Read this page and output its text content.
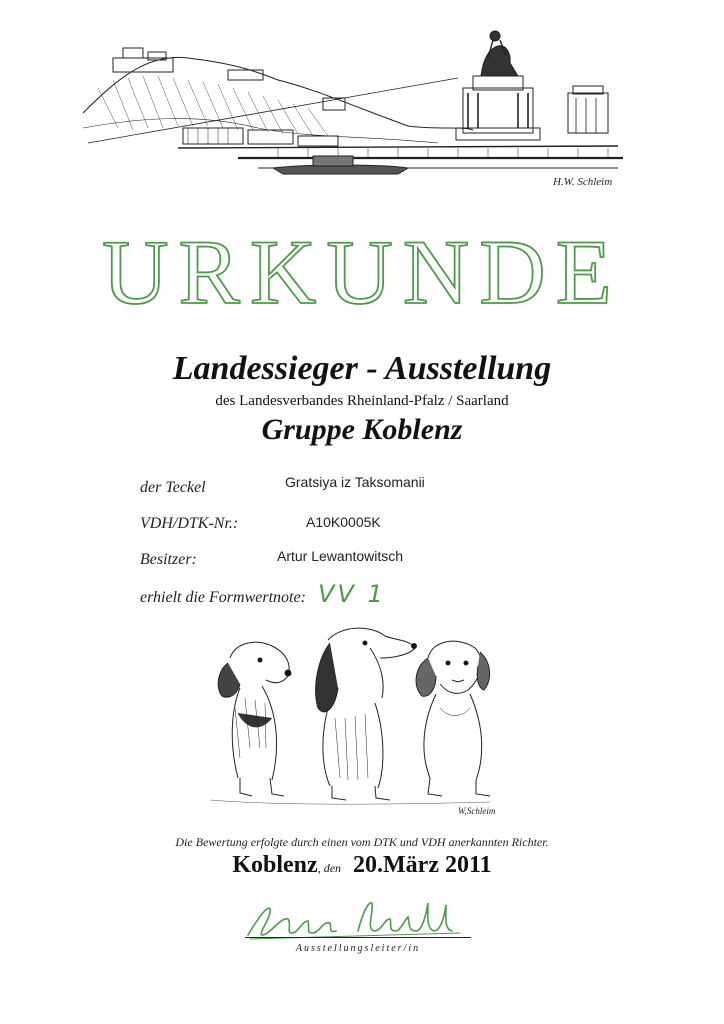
H.W. Schleim
URKUNDE
Landessieger - Ausstellung
des Landesverbandes Rheinland-Pfalz / Saarland
Gruppe Koblenz
der Teckel	Gratsiya iz Taksomanii
VDH/DTK-Nr.:	A10K0005K
Besitzer:	Artur Lewantowitsch
erhielt die Formwertnote: VV 1
W.Schleim
Die Bewertung erfolgte durch einen vom DTK und VDH anerkannten Richter.
Koblenz, den 20.März 2011
Ausstellungsleiter/in
